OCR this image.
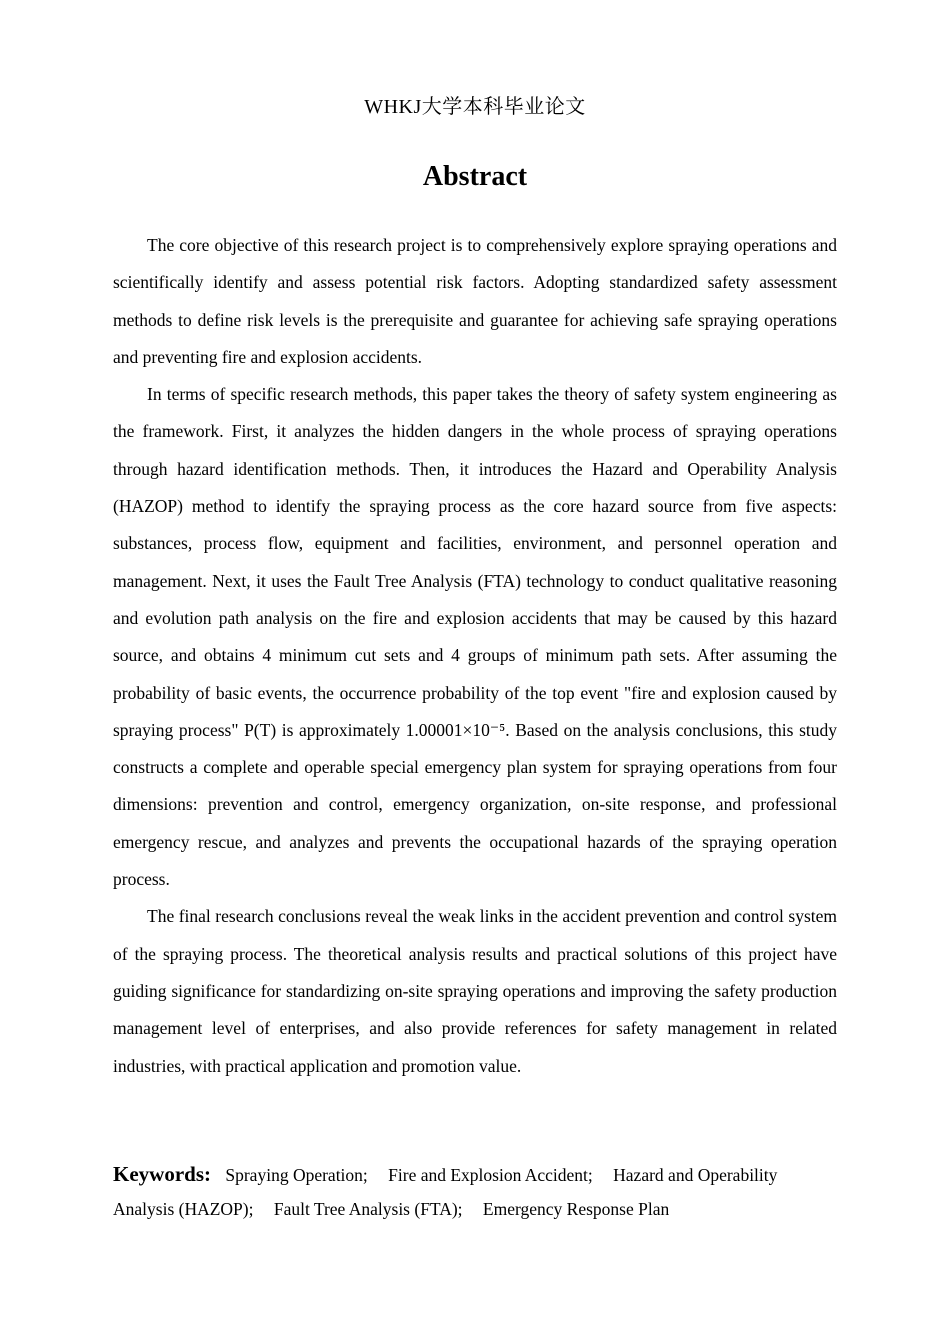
WHKJ大学本科毕业论文
Abstract

The core objective of this research project is to comprehensively explore spraying operations and scientifically identify and assess potential risk factors. Adopting standardized safety assessment methods to define risk levels is the prerequisite and guarantee for achieving safe spraying operations and preventing fire and explosion accidents.

In terms of specific research methods, this paper takes the theory of safety system engineering as the framework. First, it analyzes the hidden dangers in the whole process of spraying operations through hazard identification methods. Then, it introduces the Hazard and Operability Analysis (HAZOP) method to identify the spraying process as the core hazard source from five aspects: substances, process flow, equipment and facilities, environment, and personnel operation and management. Next, it uses the Fault Tree Analysis (FTA) technology to conduct qualitative reasoning and evolution path analysis on the fire and explosion accidents that may be caused by this hazard source, and obtains 4 minimum cut sets and 4 groups of minimum path sets. After assuming the probability of basic events, the occurrence probability of the top event "fire and explosion caused by spraying process" P(T) is approximately 1.00001×10⁻⁵. Based on the analysis conclusions, this study constructs a complete and operable special emergency plan system for spraying operations from four dimensions: prevention and control, emergency organization, on-site response, and professional emergency rescue, and analyzes and prevents the occupational hazards of the spraying operation process.

The final research conclusions reveal the weak links in the accident prevention and control system of the spraying process. The theoretical analysis results and practical solutions of this project have guiding significance for standardizing on-site spraying operations and improving the safety production management level of enterprises, and also provide references for safety management in related industries, with practical application and promotion value.

Keywords: Spraying Operation; Fire and Explosion Accident; Hazard and Operability Analysis (HAZOP); Fault Tree Analysis (FTA); Emergency Response Plan
